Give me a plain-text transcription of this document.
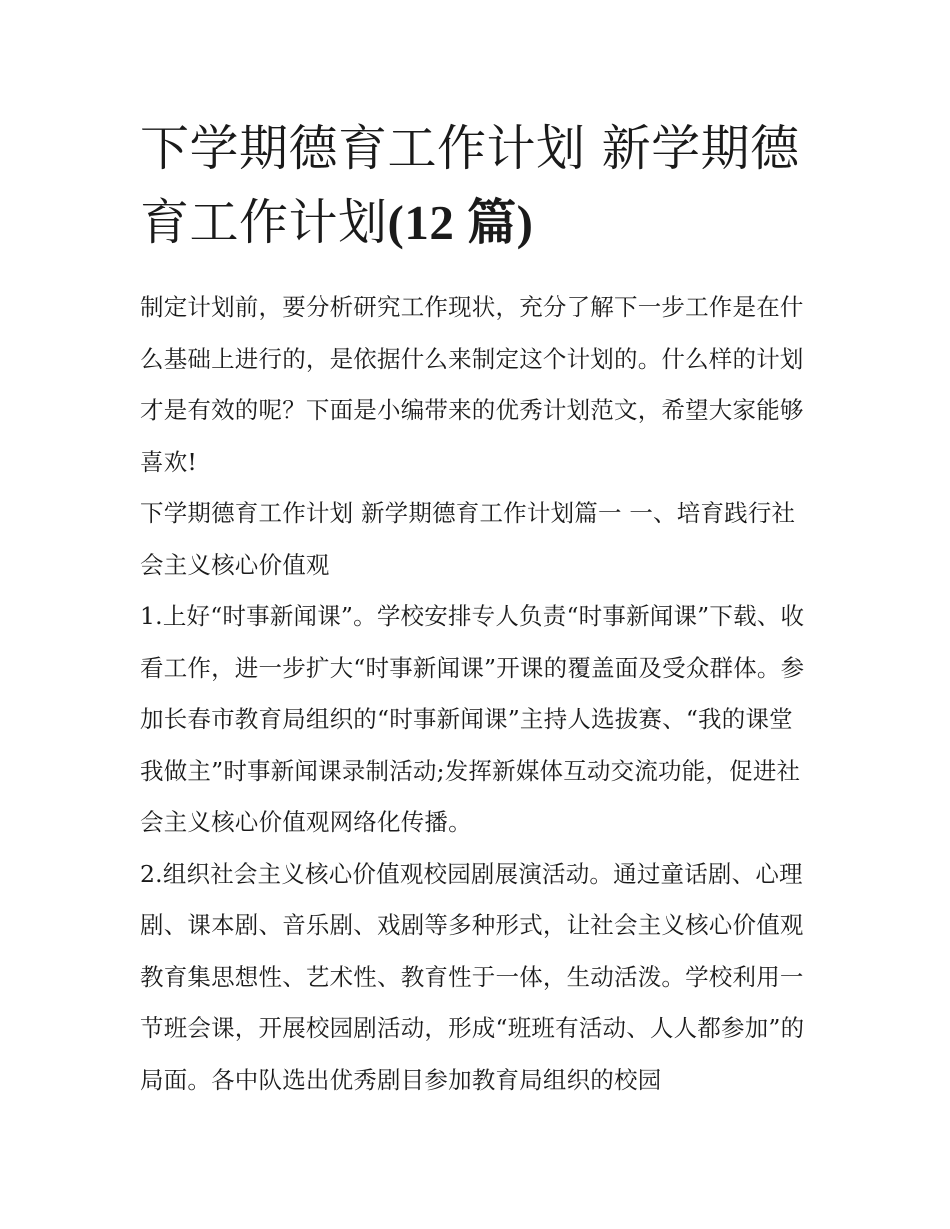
下学期德育工作计划 新学期德育工作计划(12 篇)

制定计划前，要分析研究工作现状，充分了解下一步工作是在什么基础上进行的，是依据什么来制定这个计划的。什么样的计划才是有效的呢？下面是小编带来的优秀计划范文，希望大家能够喜欢!

下学期德育工作计划 新学期德育工作计划篇一 一、培育践行社会主义核心价值观

1.上好“时事新闻课”。学校安排专人负责“时事新闻课”下载、收看工作，进一步扩大“时事新闻课”开课的覆盖面及受众群体。参加长春市教育局组织的“时事新闻课”主持人选拔赛、“我的课堂我做主”时事新闻课录制活动;发挥新媒体互动交流功能，促进社会主义核心价值观网络化传播。

2.组织社会主义核心价值观校园剧展演活动。通过童话剧、心理剧、课本剧、音乐剧、戏剧等多种形式，让社会主义核心价值观教育集思想性、艺术性、教育性于一体，生动活泼。学校利用一节班会课，开展校园剧活动，形成“班班有活动、人人都参加”的局面。各中队选出优秀剧目参加教育局组织的校园
